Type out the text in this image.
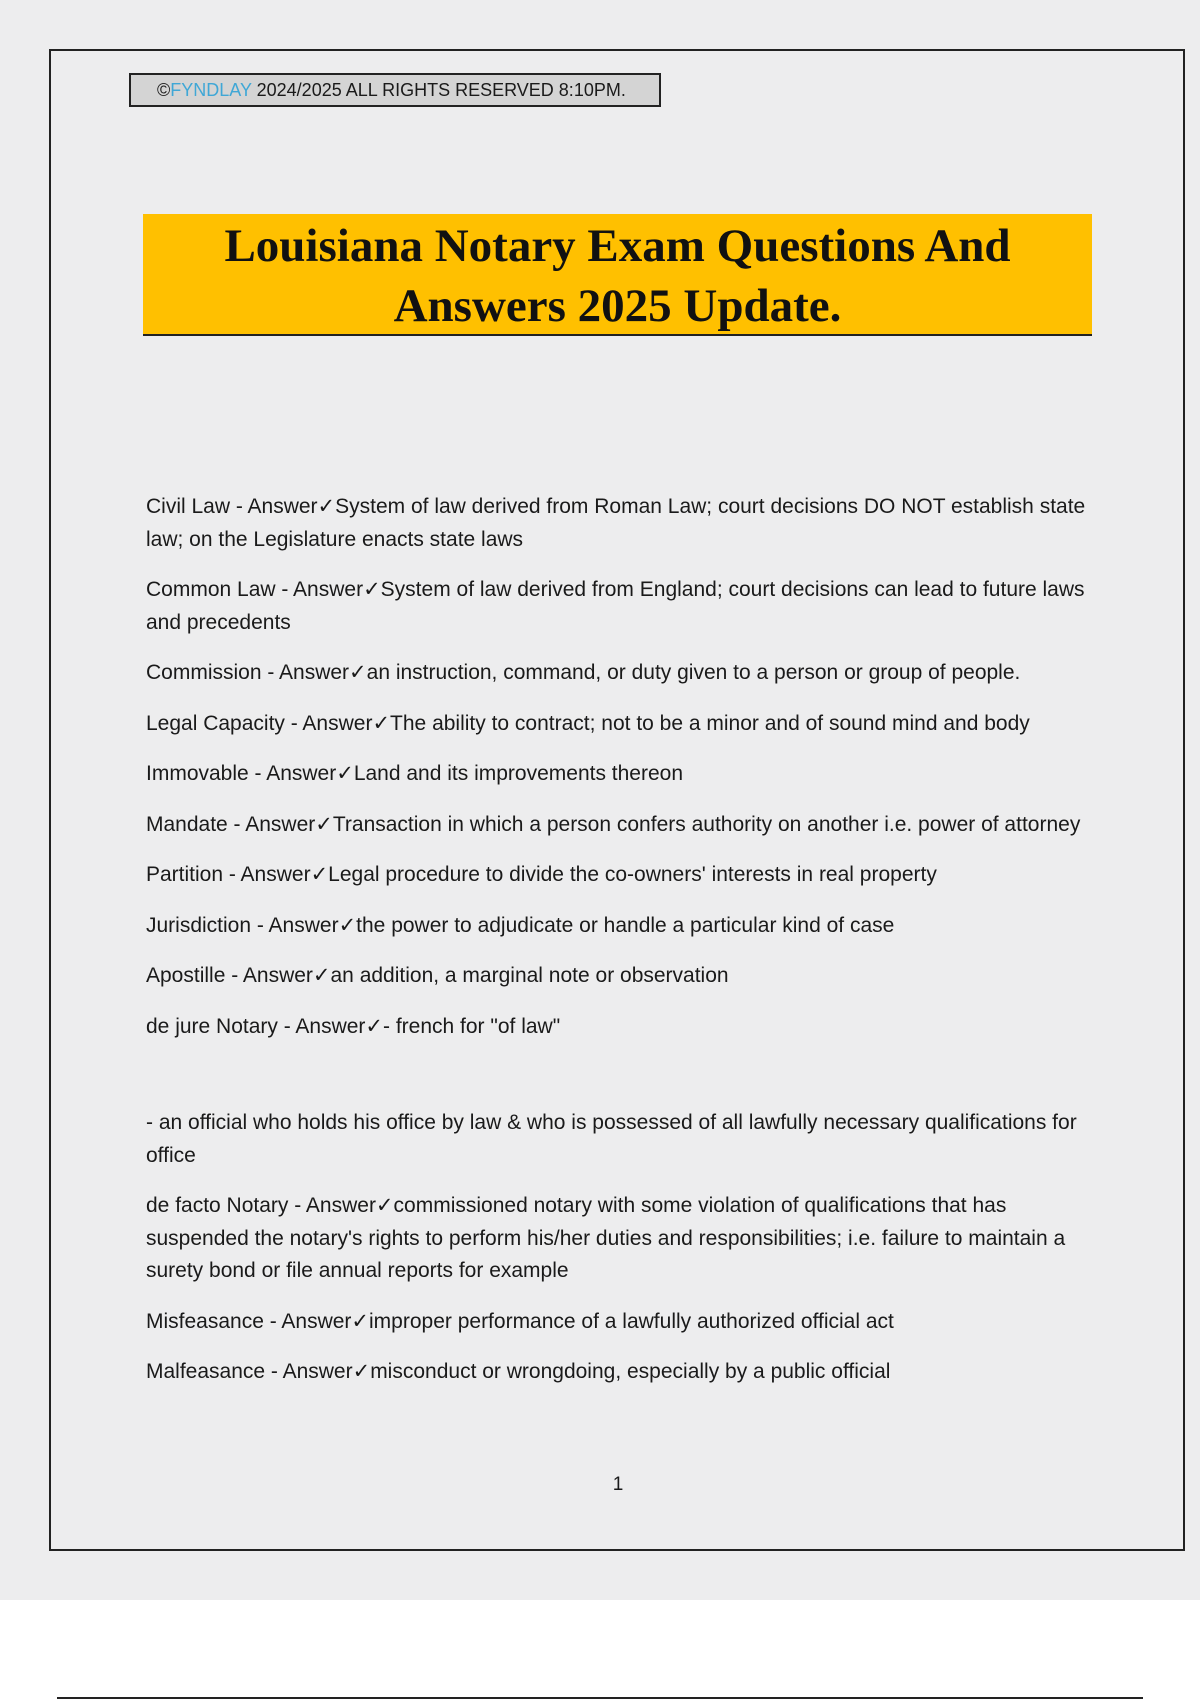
©FYNDLAY 2024/2025 ALL RIGHTS RESERVED 8:10PM.
Louisiana Notary Exam Questions And
Answers 2025 Update.

Civil Law - Answer✓System of law derived from Roman Law; court decisions DO NOT establish state law; on the Legislature enacts state laws

Common Law - Answer✓System of law derived from England; court decisions can lead to future laws and precedents

Commission - Answer✓an instruction, command, or duty given to a person or group of people.

Legal Capacity - Answer✓The ability to contract; not to be a minor and of sound mind and body

Immovable - Answer✓Land and its improvements thereon

Mandate - Answer✓Transaction in which a person confers authority on another i.e. power of attorney

Partition - Answer✓Legal procedure to divide the co-owners' interests in real property

Jurisdiction - Answer✓the power to adjudicate or handle a particular kind of case

Apostille - Answer✓an addition, a marginal note or observation

de jure Notary - Answer✓- french for "of law"

- an official who holds his office by law & who is possessed of all lawfully necessary qualifications for office

de facto Notary - Answer✓commissioned notary with some violation of qualifications that has suspended the notary's rights to perform his/her duties and responsibilities; i.e. failure to maintain a surety bond or file annual reports for example

Misfeasance - Answer✓improper performance of a lawfully authorized official act

Malfeasance - Answer✓misconduct or wrongdoing, especially by a public official

1
